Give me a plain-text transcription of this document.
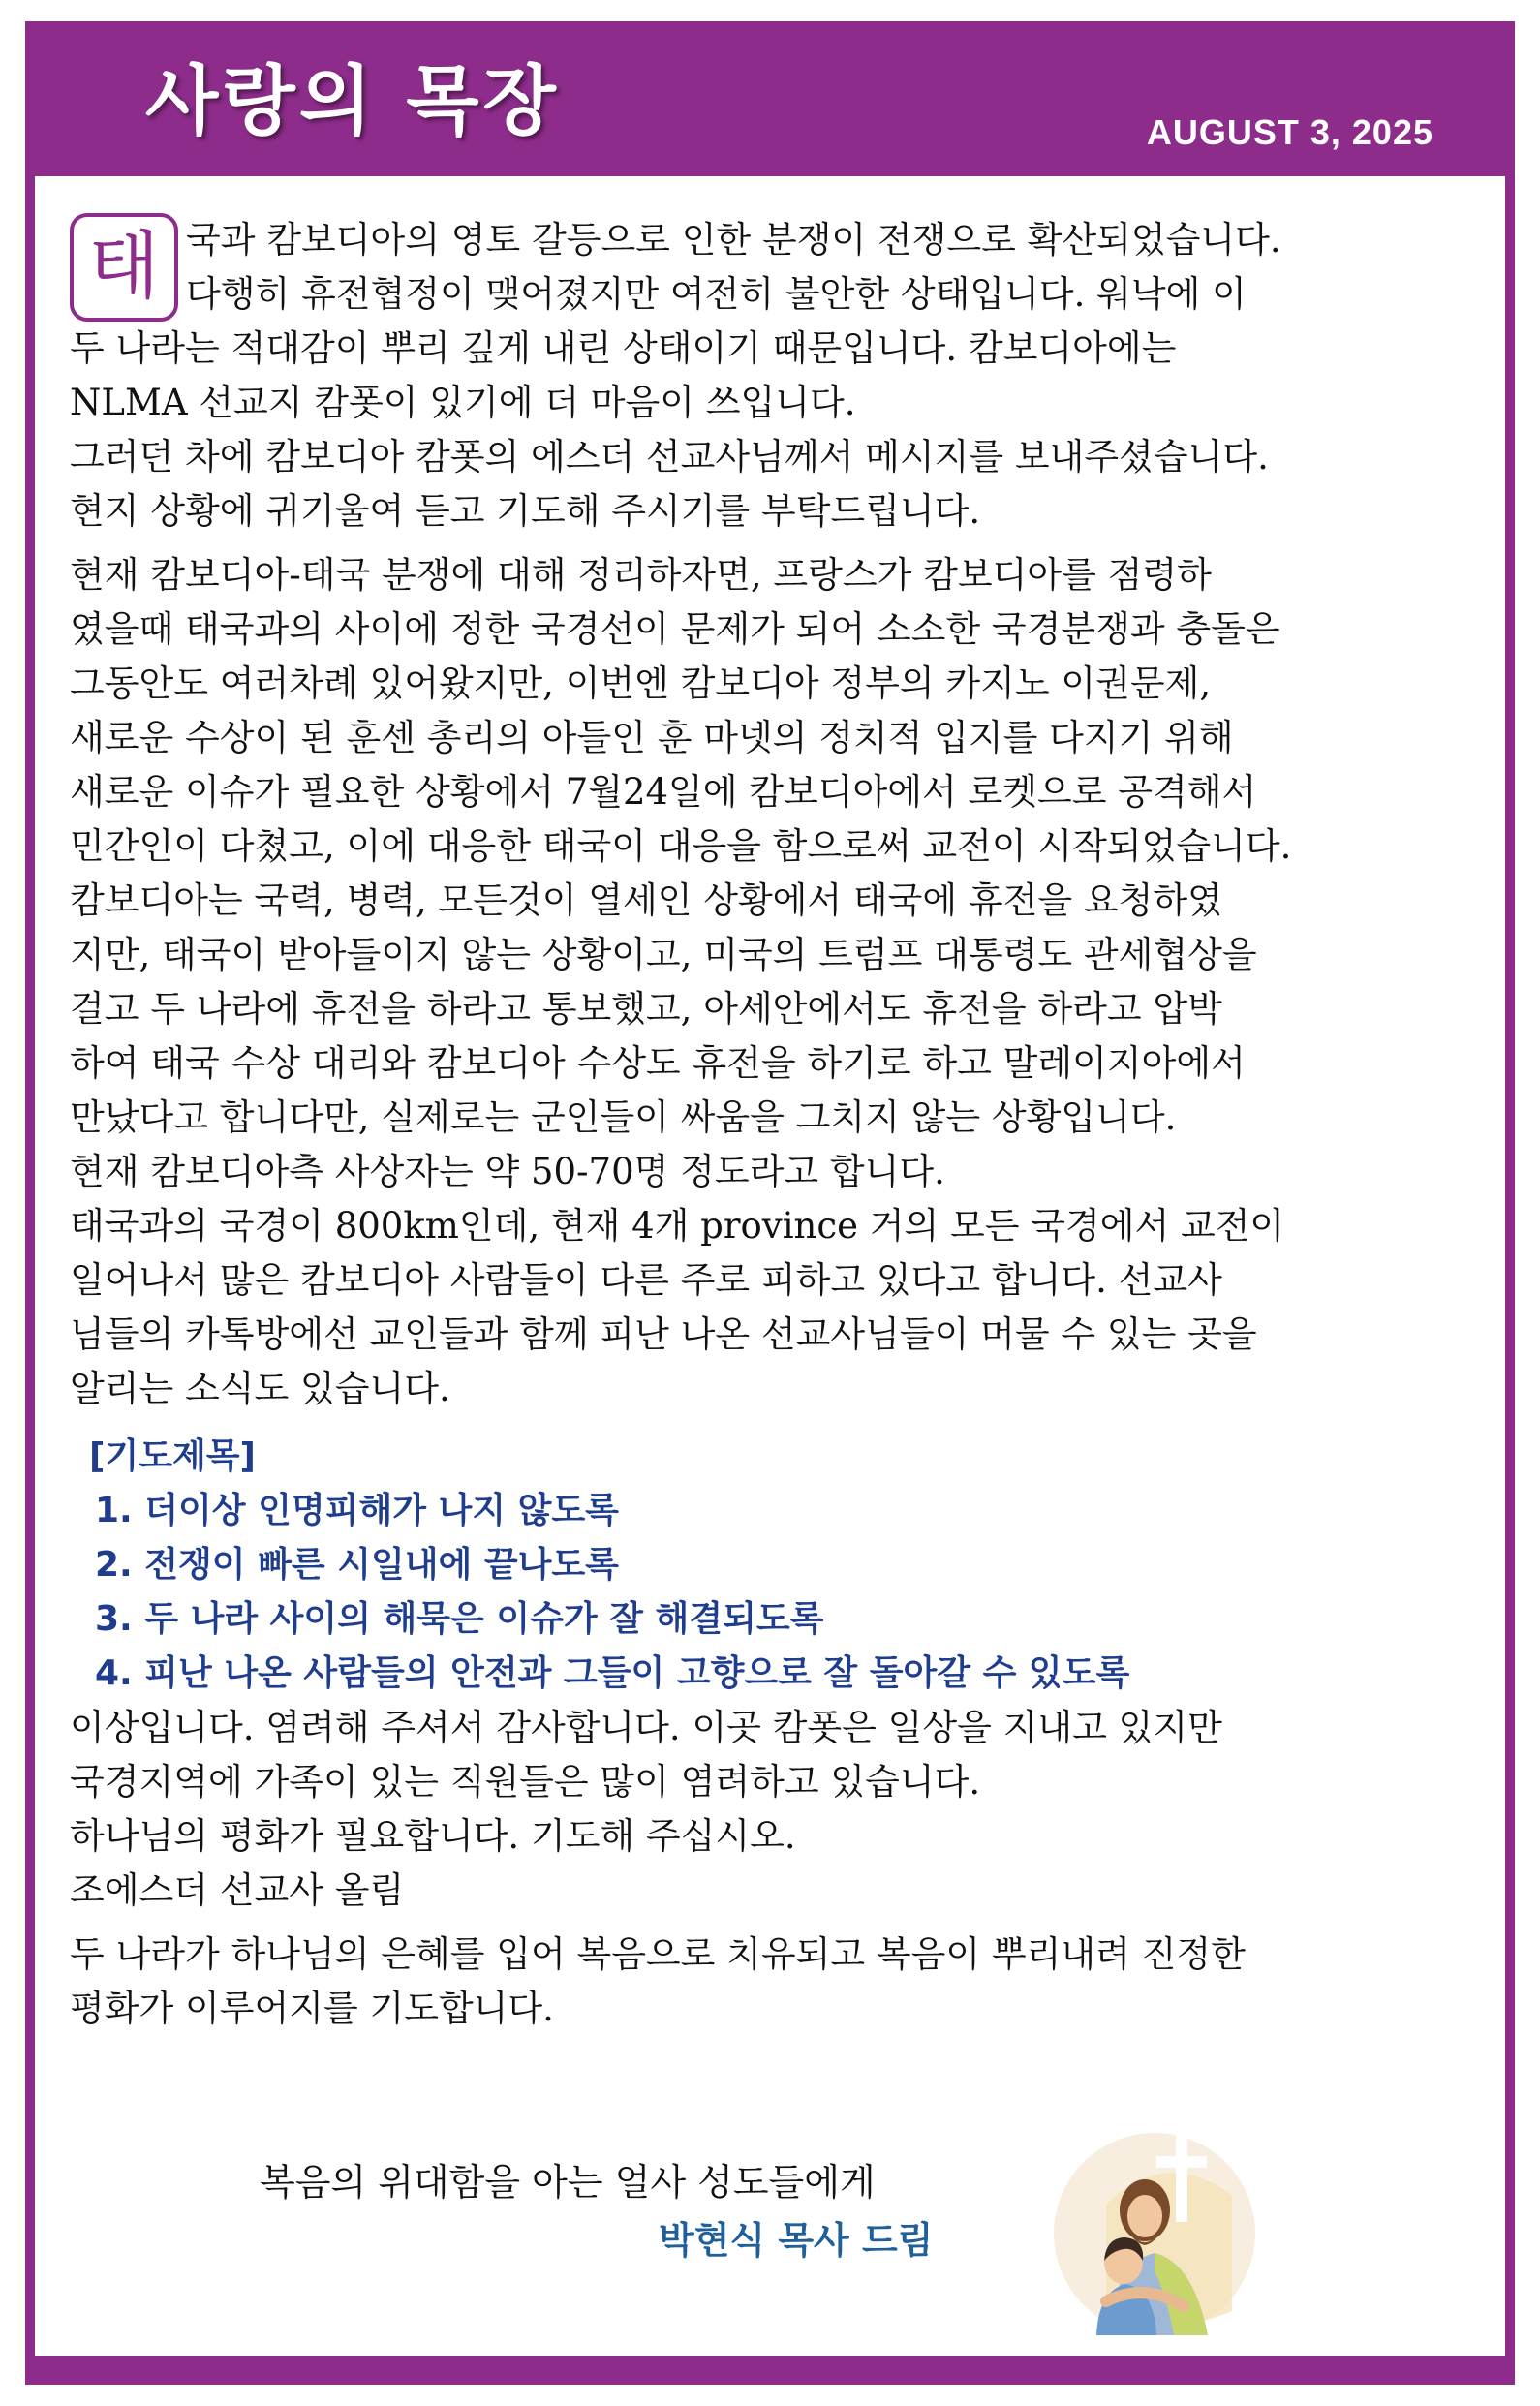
사랑의 목장	AUGUST 3, 2025
태 국과 캄보디아의 영토 갈등으로 인한 분쟁이 전쟁으로 확산되었습니다.

다행히 휴전협정이 맺어졌지만 여전히 불안한 상태입니다. 워낙에 이

두 나라는 적대감이 뿌리 깊게 내린 상태이기 때문입니다. 캄보디아에는

NLMA 선교지 캄폿이 있기에 더 마음이 쓰입니다.

그러던 차에 캄보디아 캄폿의 에스더 선교사님께서 메시지를 보내주셨습니다.

현지 상황에 귀기울여 듣고 기도해 주시기를 부탁드립니다.

현재 캄보디아-태국 분쟁에 대해 정리하자면, 프랑스가 캄보디아를 점령하

였을때 태국과의 사이에 정한 국경선이 문제가 되어 소소한 국경분쟁과 충돌은

그동안도 여러차례 있어왔지만, 이번엔 캄보디아 정부의 카지노 이권문제,

새로운 수상이 된 훈센 총리의 아들인 훈 마넷의 정치적 입지를 다지기 위해

새로운 이슈가 필요한 상황에서 7월24일에 캄보디아에서 로켓으로 공격해서

민간인이 다쳤고, 이에 대응한 태국이 대응을 함으로써 교전이 시작되었습니다.

캄보디아는 국력, 병력, 모든것이 열세인 상황에서 태국에 휴전을 요청하였

지만, 태국이 받아들이지 않는 상황이고, 미국의 트럼프 대통령도 관세협상을

걸고 두 나라에 휴전을 하라고 통보했고, 아세안에서도 휴전을 하라고 압박

하여 태국 수상 대리와 캄보디아 수상도 휴전을 하기로 하고 말레이지아에서

만났다고 합니다만, 실제로는 군인들이 싸움을 그치지 않는 상황입니다.

현재 캄보디아측 사상자는 약 50-70명 정도라고 합니다.

태국과의 국경이 800km인데, 현재 4개 province 거의 모든 국경에서 교전이

일어나서 많은 캄보디아 사람들이 다른 주로 피하고 있다고 합니다. 선교사

님들의 카톡방에선 교인들과 함께 피난 나온 선교사님들이 머물 수 있는 곳을

알리는 소식도 있습니다.

[기도제목]

1. 더이상 인명피해가 나지 않도록

2. 전쟁이 빠른 시일내에 끝나도록

3. 두 나라 사이의 해묵은 이슈가 잘 해결되도록

4. 피난 나온 사람들의 안전과 그들이 고향으로 잘 돌아갈 수 있도록

이상입니다. 염려해 주셔서 감사합니다. 이곳 캄폿은 일상을 지내고 있지만

국경지역에 가족이 있는 직원들은 많이 염려하고 있습니다.

하나님의 평화가 필요합니다. 기도해 주십시오.

조에스더 선교사 올림

두 나라가 하나님의 은혜를 입어 복음으로 치유되고 복음이 뿌리내려 진정한

평화가 이루어지를 기도합니다.

복음의 위대함을 아는 얼사 성도들에게
박현식 목사 드림
